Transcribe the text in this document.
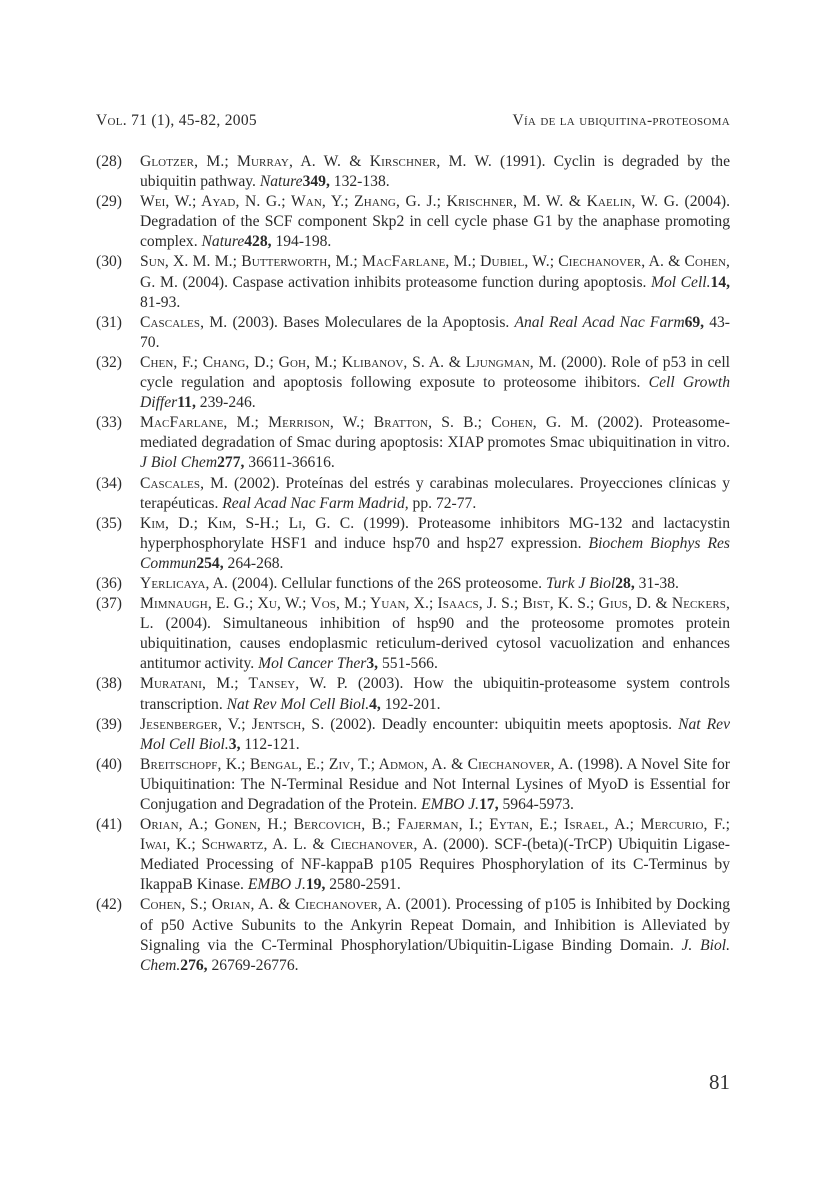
Vol. 71 (1), 45-82, 2005	Vía de la ubiquitina-proteosoma
(28)	Glotzer, M.; Murray, A. W. & Kirschner, M. W. (1991). Cyclin is degraded by the ubiquitin pathway. Nature349, 132-138.
(29)	Wei, W.; Ayad, N. G.; Wan, Y.; Zhang, G. J.; Krischner, M. W. & Kaelin, W. G. (2004). Degradation of the SCF component Skp2 in cell cycle phase G1 by the anaphase promoting complex. Nature428, 194-198.
(30)	Sun, X. M. M.; Butterworth, M.; MacFarlane, M.; Dubiel, W.; Ciechanover, A. & Cohen, G. M. (2004). Caspase activation inhibits proteasome function during apoptosis. Mol Cell.14, 81-93.
(31)	Cascales, M. (2003). Bases Moleculares de la Apoptosis. Anal Real Acad Nac Farm69, 43-70.
(32)	Chen, F.; Chang, D.; Goh, M.; Klibanov, S. A. & Ljungman, M. (2000). Role of p53 in cell cycle regulation and apoptosis following exposute to proteosome ihibitors. Cell Growth Differ11, 239-246.
(33)	MacFarlane, M.; Merrison, W.; Bratton, S. B.; Cohen, G. M. (2002). Proteasome-mediated degradation of Smac during apoptosis: XIAP promotes Smac ubiquitination in vitro. J Biol Chem277, 36611-36616.
(34)	Cascales, M. (2002). Proteínas del estrés y carabinas moleculares. Proyecciones clínicas y terapéuticas. Real Acad Nac Farm Madrid, pp. 72-77.
(35)	Kim, D.; Kim, S-H.; Li, G. C. (1999). Proteasome inhibitors MG-132 and lactacystin hyperphosphorylate HSF1 and induce hsp70 and hsp27 expression. Biochem Biophys Res Commun254, 264-268.
(36)	Yerlicaya, A. (2004). Cellular functions of the 26S proteosome. Turk J Biol28, 31-38.
(37)	Mimnaugh, E. G.; Xu, W.; Vos, M.; Yuan, X.; Isaacs, J. S.; Bist, K. S.; Gius, D. & Neckers, L. (2004). Simultaneous inhibition of hsp90 and the proteosome promotes protein ubiquitination, causes endoplasmic reticulum-derived cytosol vacuolization and enhances antitumor activity. Mol Cancer Ther3, 551-566.
(38)	Muratani, M.; Tansey, W. P. (2003). How the ubiquitin-proteasome system controls transcription. Nat Rev Mol Cell Biol.4, 192-201.
(39)	Jesenberger, V.; Jentsch, S. (2002). Deadly encounter: ubiquitin meets apoptosis. Nat Rev Mol Cell Biol.3, 112-121.
(40)	Breitschopf, K.; Bengal, E.; Ziv, T.; Admon, A. & Ciechanover, A. (1998). A Novel Site for Ubiquitination: The N-Terminal Residue and Not Internal Lysines of MyoD is Essential for Conjugation and Degradation of the Protein. EMBO J.17, 5964-5973.
(41)	Orian, A.; Gonen, H.; Bercovich, B.; Fajerman, I.; Eytan, E.; Israel, A.; Mercurio, F.; Iwai, K.; Schwartz, A. L. & Ciechanover, A. (2000). SCF-(beta)(-TrCP) Ubiquitin Ligase-Mediated Processing of NF-kappaB p105 Requires Phosphorylation of its C-Terminus by IkappaB Kinase. EMBO J.19, 2580-2591.
(42)	Cohen, S.; Orian, A. & Ciechanover, A. (2001). Processing of p105 is Inhibited by Docking of p50 Active Subunits to the Ankyrin Repeat Domain, and Inhibition is Alleviated by Signaling via the C-Terminal Phosphorylation/Ubiquitin-Ligase Binding Domain. J. Biol. Chem.276, 26769-26776.
81
